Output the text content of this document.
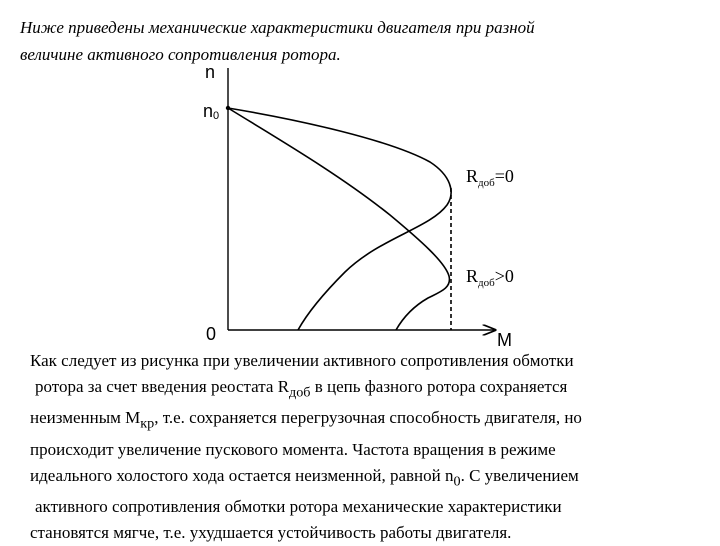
Ниже приведены механические характеристики двигателя при разной
величине активного сопротивления ротора.

n
n0
0	M
$R_{доб}=0$
$R_{доб}>0$

Как следует из рисунка при увеличении активного сопротивления обмотки
ротора за счет введения реостата $R_{доб}$ в цепь фазного ротора сохраняется
неизменным $M_{кр}$, т.е. сохраняется перегрузочная способность двигателя, но
происходит увеличение пускового момента. Частота вращения в режиме
идеального холостого хода остается неизменной, равной $n_0$. С увеличением
активного сопротивления обмотки ротора механические характеристики
становятся мягче, т.е. ухудшается устойчивость работы двигателя.
